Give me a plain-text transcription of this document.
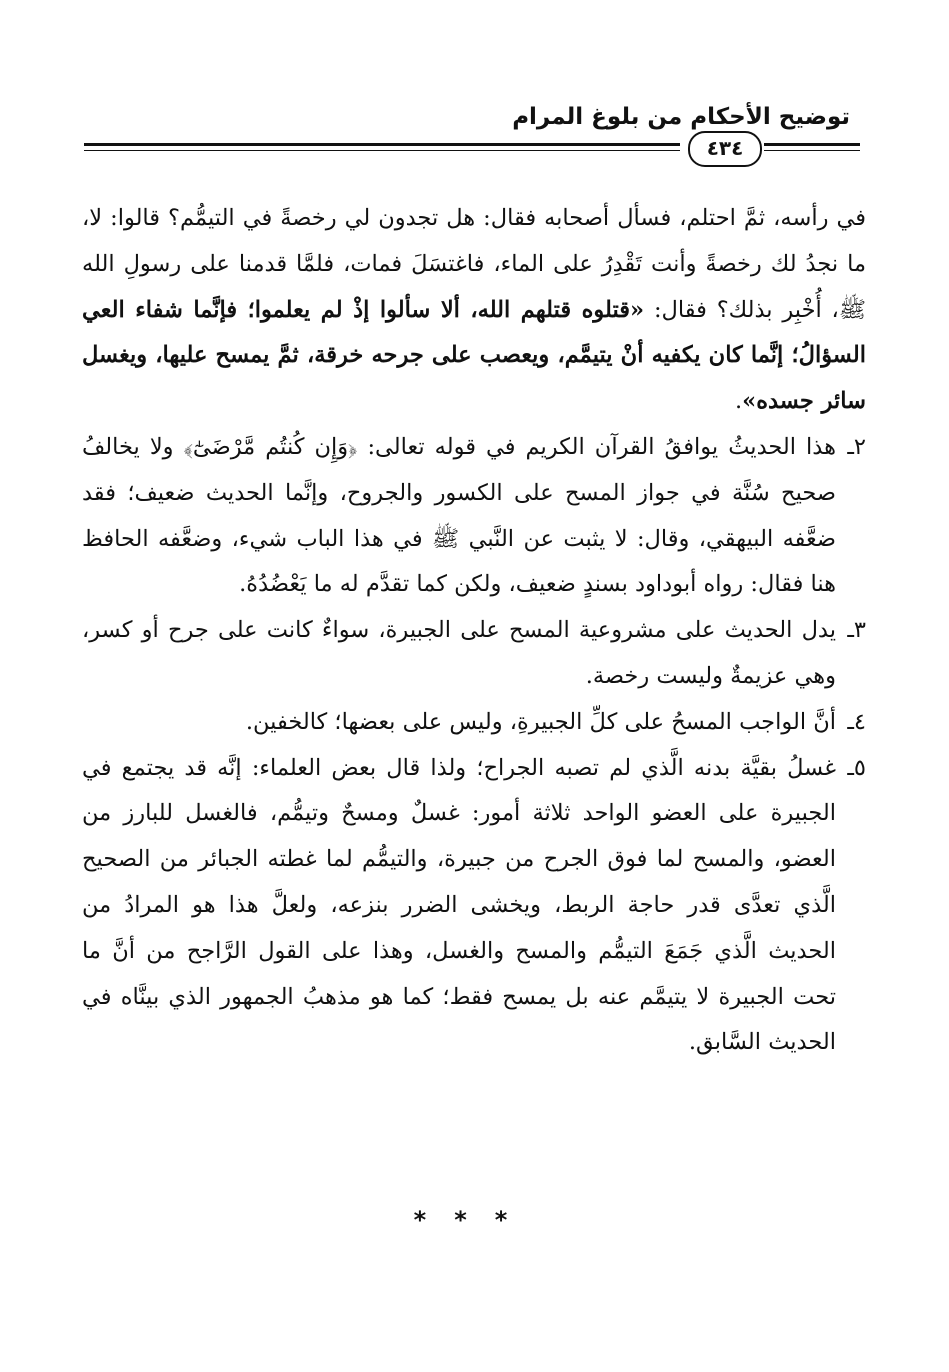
توضيح الأحكام من بلوغ المرام
٤٣٤

في رأسه، ثمَّ احتلم، فسأل أصحابه فقال: هل تجدون لي رخصةً في التيمُّم؟ قالوا: لا، ما نجدُ لك رخصةً وأنت تَقْدِرُ على الماء، فاغتسَلَ فمات، فلمَّا قدمنا على رسولِ الله ﷺ، أُخْبِر بذلك؟ فقال: «قتلوه قتلهم الله، ألا سألوا إذْ لم يعلموا؛ فإنَّما شفاء العي السؤالُ؛ إنَّما كان يكفيه أنْ يتيمَّم، ويعصب على جرحه خرقة، ثمَّ يمسح عليها، ويغسل سائر جسده».

٢ـ
هذا الحديثُ يوافقُ القرآن الكريم في قوله تعالى: ﴿وَإِن كُنتُم مَّرْضَىٰٓ﴾ ولا يخالفُ صحيح سُنَّة في جواز المسح على الكسور والجروح، وإنَّما الحديث ضعيف؛ فقد ضعَّفه البيهقي، وقال: لا يثبت عن النَّبي ﷺ في هذا الباب شيء، وضعَّفه الحافظ هنا فقال: رواه أبوداود بسندٍ ضعيف، ولكن كما تقدَّم له ما يَعْضُدُهُ.

٣ـ
يدل الحديث على مشروعية المسح على الجبيرة، سواءٌ كانت على جرح أو كسر، وهي عزيمةٌ وليست رخصة.

٤ـ
أنَّ الواجب المسحُ على كلِّ الجبيرةِ، وليس على بعضها؛ كالخفين.

٥ـ
غسلُ بقيَّة بدنه الَّذي لم تصبه الجراح؛ ولذا قال بعض العلماء: إنَّه قد يجتمع في الجبيرة على العضو الواحد ثلاثة أمور: غسلٌ ومسحٌ وتيمُّم، فالغسل للبارز من العضو، والمسح لما فوق الجرح من جبيرة، والتيمُّم لما غطته الجبائر من الصحيح الَّذي تعدَّى قدر حاجة الربط، ويخشى الضرر بنزعه، ولعلَّ هذا هو المرادُ من الحديث الَّذي جَمَعَ التيمُّم والمسح والغسل، وهذا على القول الرَّاجح من أنَّ ما تحت الجبيرة لا يتيمَّم عنه بل يمسح فقط؛ كما هو مذهبُ الجمهور الذي بينَّاه في الحديث السَّابق.

***
